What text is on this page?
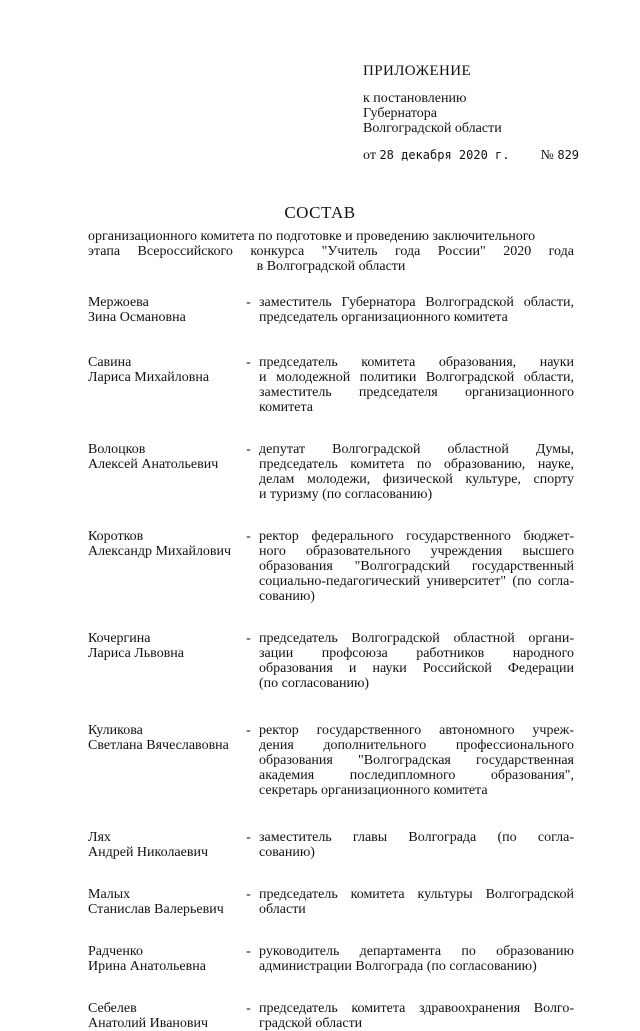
ПРИЛОЖЕНИЕ
к постановлению
Губернатора
Волгоградской области
от 28 декабря 2020 г. № 829
СОСТАВ
организационного комитета по подготовке и проведению заключительного
этапа Всероссийского конкурса "Учитель года России" 2020 года
в Волгоградской области
Мержоева
Зина Османовна
- заместитель Губернатора Волгоградской области,
председатель организационного комитета
Савина
Лариса Михайловна
- председатель комитета образования, науки
и молодежной политики Волгоградской области,
заместитель председателя организационного
комитета
Волоцков
Алексей Анатольевич
- депутат Волгоградской областной Думы,
председатель комитета по образованию, науке,
делам молодежи, физической культуре, спорту
и туризму (по согласованию)
Коротков
Александр Михайлович
- ректор федерального государственного бюджет-
ного образовательного учреждения высшего
образования "Волгоградский государственный
социально-педагогический университет" (по согла-
сованию)
Кочергина
Лариса Львовна
- председатель Волгоградской областной органи-
зации профсоюза работников народного
образования и науки Российской Федерации
(по согласованию)
Куликова
Светлана Вячеславовна
- ректор государственного автономного учреж-
дения дополнительного профессионального
образования "Волгоградская государственная
академия последипломного образования",
секретарь организационного комитета
Лях
Андрей Николаевич
- заместитель главы Волгограда (по согла-
сованию)
Малых
Станислав Валерьевич
- председатель комитета культуры Волгоградской
области
Радченко
Ирина Анатольевна
- руководитель департамента по образованию
администрации Волгограда (по согласованию)
Себелев
Анатолий Иванович
- председатель комитета здравоохранения Волго-
градской области
